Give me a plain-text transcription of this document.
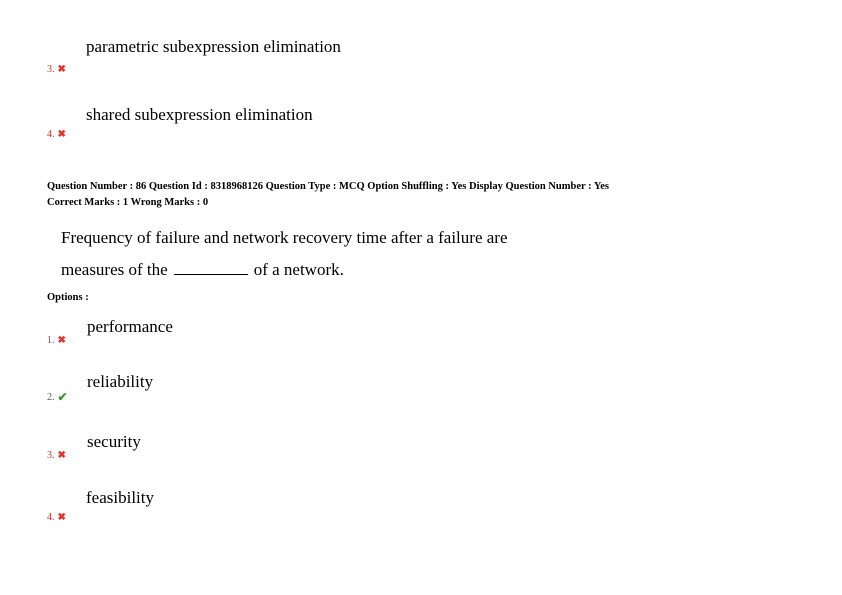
parametric subexpression elimination
3. ✖
shared subexpression elimination
4. ✖
Question Number : 86 Question Id : 8318968126 Question Type : MCQ Option Shuffling : Yes Display Question Number : Yes
Correct Marks : 1 Wrong Marks : 0
Frequency of failure and network recovery time after a failure are
measures of the	of a network.
Options :
performance
1. ✖
reliability
2. ✔
security
3. ✖
feasibility
4. ✖
